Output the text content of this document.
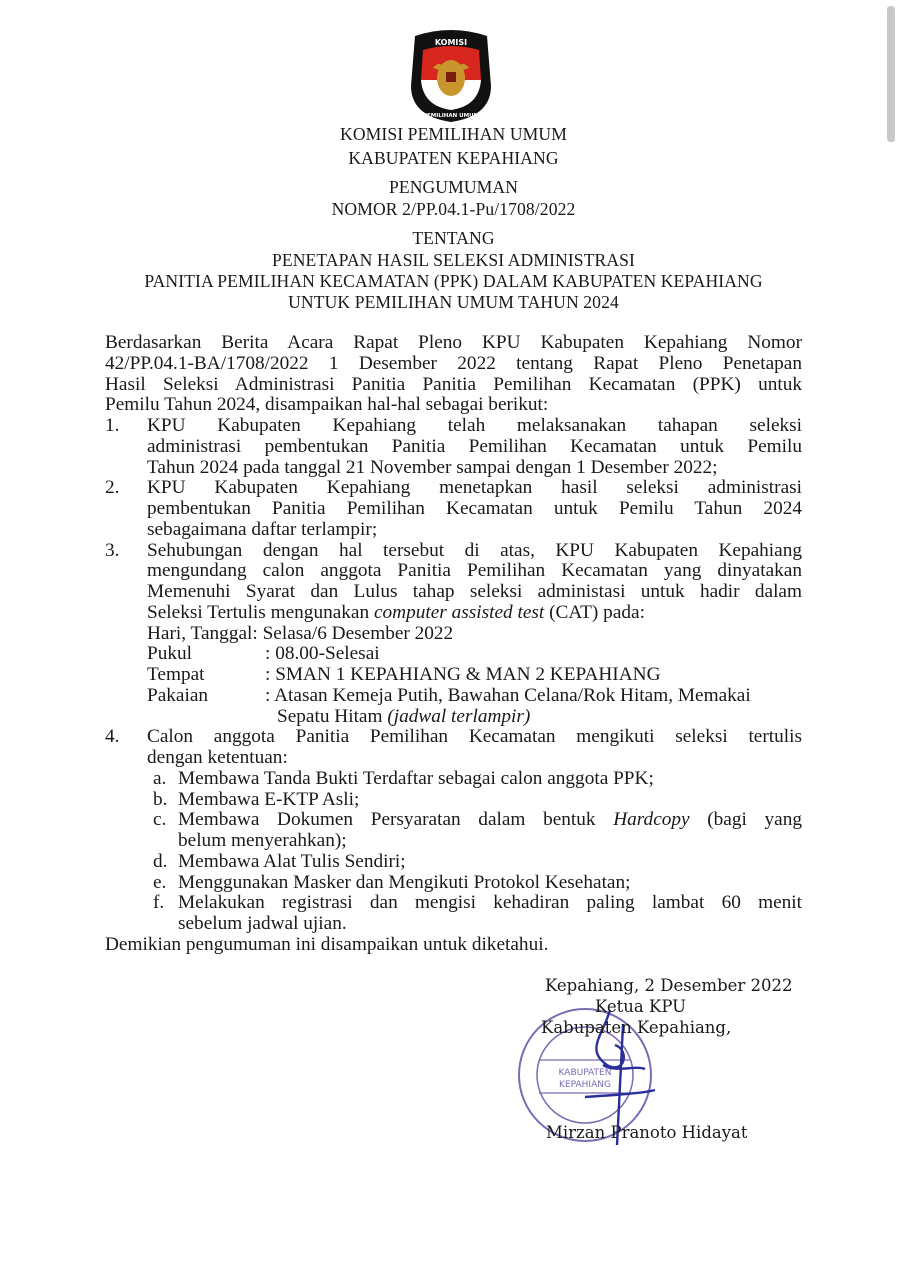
KOMISI
PEMILIHAN UMUM
KOMISI PEMILIHAN UMUM
KABUPATEN KEPAHIANG
PENGUMUMAN
NOMOR 2/PP.04.1-Pu/1708/2022
TENTANG
PENETAPAN HASIL SELEKSI ADMINISTRASI
PANITIA PEMILIHAN KECAMATAN (PPK) DALAM KABUPATEN KEPAHIANG
UNTUK PEMILIHAN UMUM TAHUN 2024
Berdasarkan Berita Acara Rapat Pleno KPU Kabupaten Kepahiang Nomor
42/PP.04.1-BA/1708/2022 1 Desember 2022 tentang Rapat Pleno Penetapan
Hasil Seleksi Administrasi Panitia Panitia Pemilihan Kecamatan (PPK) untuk
Pemilu Tahun 2024, disampaikan hal-hal sebagai berikut:
1. KPU Kabupaten Kepahiang telah melaksanakan tahapan seleksi
administrasi pembentukan Panitia Pemilihan Kecamatan untuk Pemilu
Tahun 2024 pada tanggal 21 November sampai dengan 1 Desember 2022;
2. KPU Kabupaten Kepahiang menetapkan hasil seleksi administrasi
pembentukan Panitia Pemilihan Kecamatan untuk Pemilu Tahun 2024
sebagaimana daftar terlampir;
3. Sehubungan dengan hal tersebut di atas, KPU Kabupaten Kepahiang
mengundang calon anggota Panitia Pemilihan Kecamatan yang dinyatakan
Memenuhi Syarat dan Lulus tahap seleksi administasi untuk hadir dalam
Seleksi Tertulis mengunakan computer assisted test (CAT) pada:
Hari, Tanggal: Selasa/6 Desember 2022
Pukul	: 08.00-Selesai
Tempat	: SMAN 1 KEPAHIANG & MAN 2 KEPAHIANG
Pakaian	: Atasan Kemeja Putih, Bawahan Celana/Rok Hitam, Memakai
Sepatu Hitam (jadwal terlampir)
4. Calon anggota Panitia Pemilihan Kecamatan mengikuti seleksi tertulis
dengan ketentuan:
a. Membawa Tanda Bukti Terdaftar sebagai calon anggota PPK;
b. Membawa E-KTP Asli;
c. Membawa Dokumen Persyaratan dalam bentuk Hardcopy (bagi yang
belum menyerahkan);
d. Membawa Alat Tulis Sendiri;
e. Menggunakan Masker dan Mengikuti Protokol Kesehatan;
f. Melakukan registrasi dan mengisi kehadiran paling lambat 60 menit
sebelum jadwal ujian.
Demikian pengumuman ini disampaikan untuk diketahui.
KABUPATEN
KEPAHIANG
Kepahiang, 2 Desember 2022
Ketua KPU
Kabupaten Kepahiang,
Mirzan Pranoto Hidayat
